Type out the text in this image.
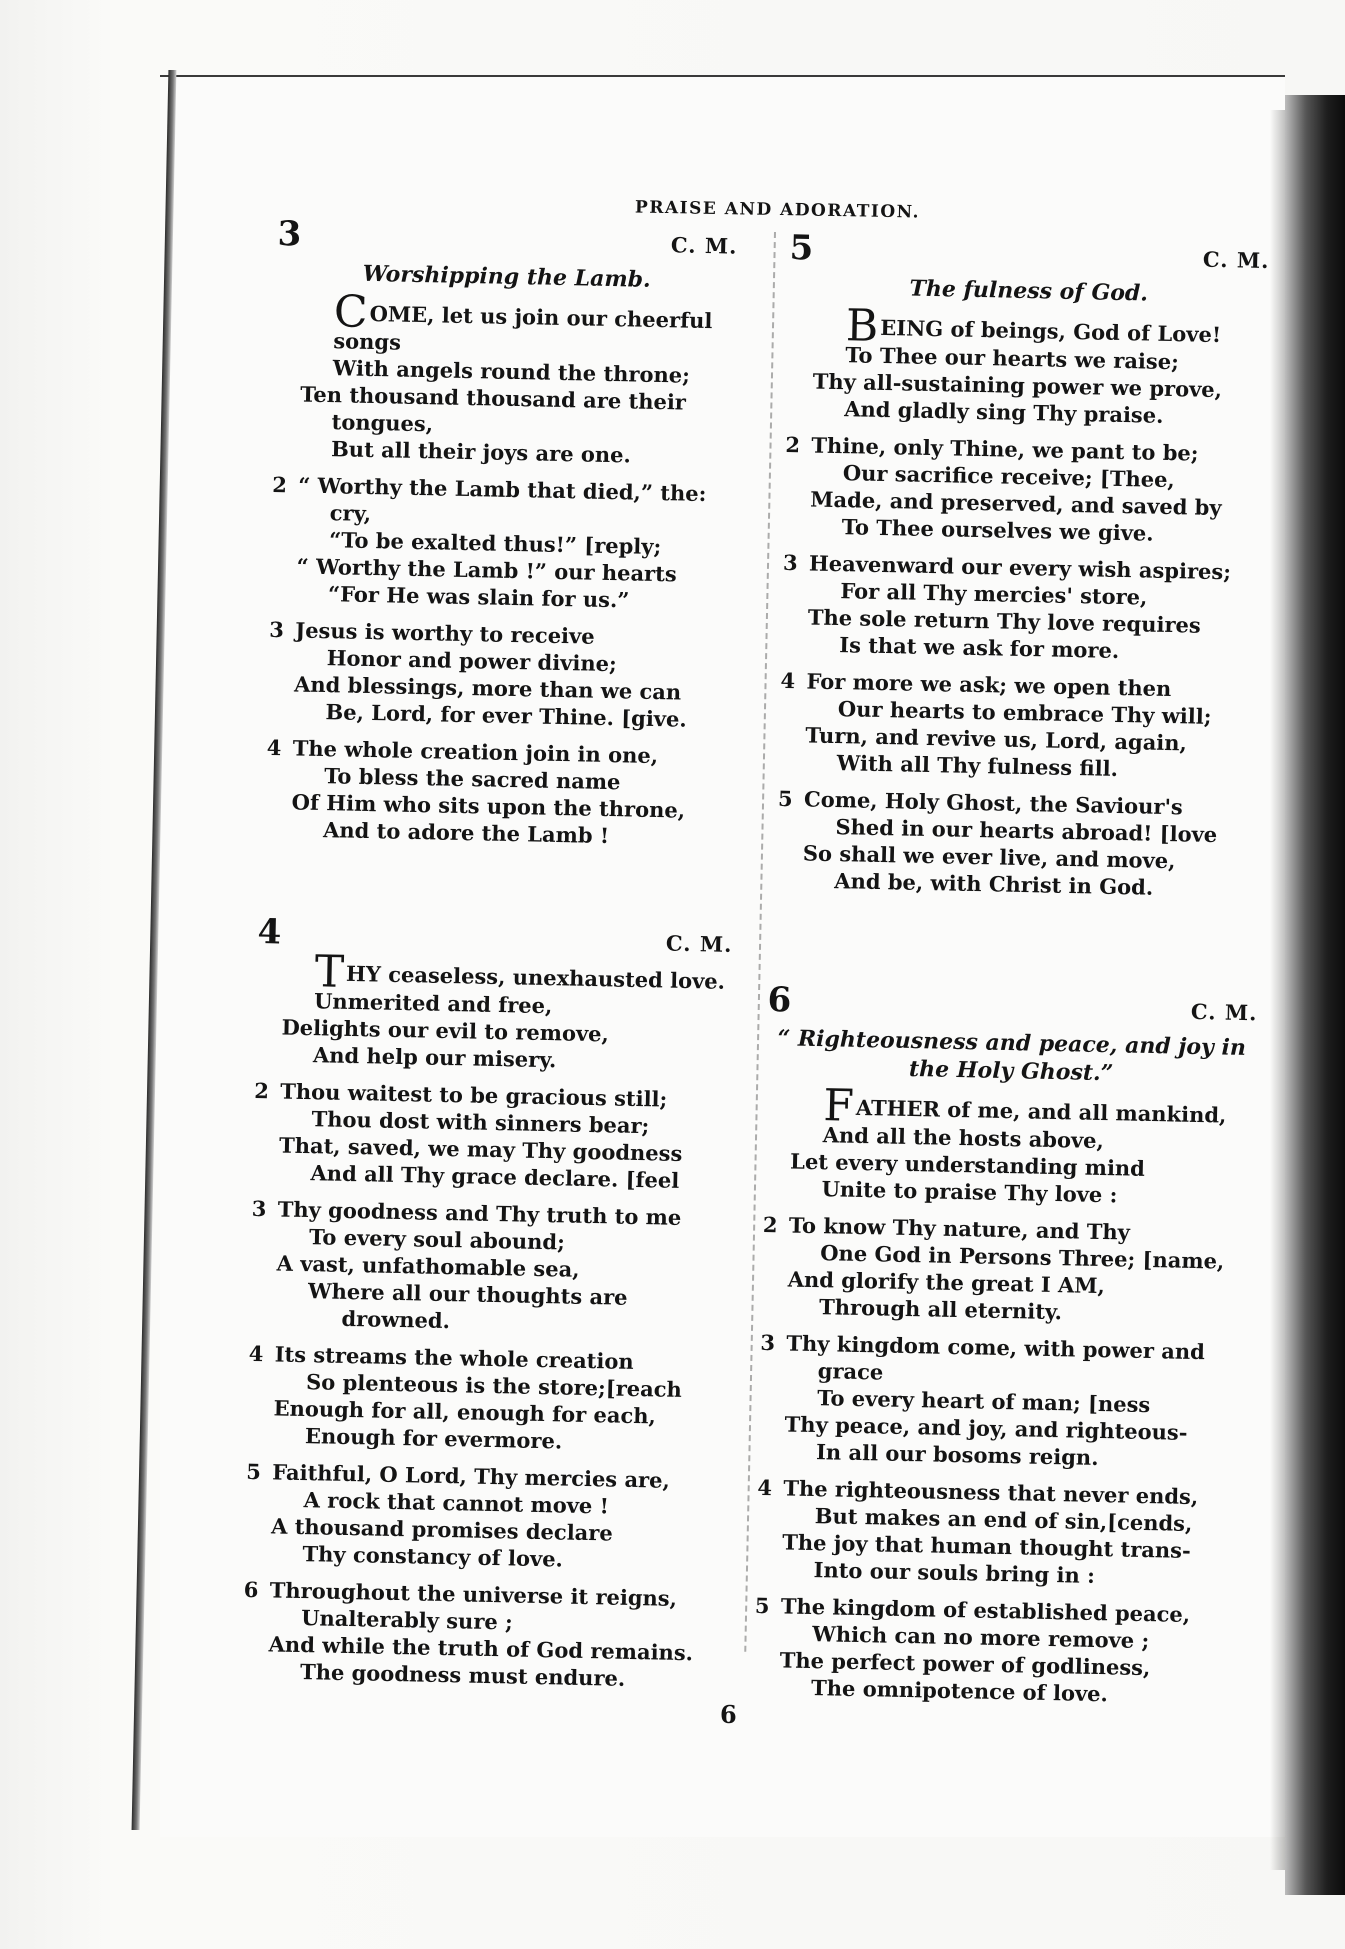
PRAISE AND ADORATION.
3	C. M.
Worshipping the Lamb.
COME, let us join our cheerful
songs
With angels round the throne;
Ten thousand thousand are their
tongues,
But all their joys are one.
2 “ Worthy the Lamb that died,” the:
cry,
“To be exalted thus!” [reply;
“ Worthy the Lamb !” our hearts
“For He was slain for us.”
3 Jesus is worthy to receive
Honor and power divine;
And blessings, more than we can
Be, Lord, for ever Thine. [give.
4 The whole creation join in one,
To bless the sacred name
Of Him who sits upon the throne,
And to adore the Lamb !
4	C. M.
THY ceaseless, unexhausted love.
Unmerited and free,
Delights our evil to remove,
And help our misery.
2 Thou waitest to be gracious still;
Thou dost with sinners bear;
That, saved, we may Thy goodness
And all Thy grace declare. [feel
3 Thy goodness and Thy truth to me
To every soul abound;
A vast, unfathomable sea,
Where all our thoughts are
drowned.
4 Its streams the whole creation
So plenteous is the store;[reach
Enough for all, enough for each,
Enough for evermore.
5 Faithful, O Lord, Thy mercies are,
A rock that cannot move !
A thousand promises declare
Thy constancy of love.
6 Throughout the universe it reigns,
Unalterably sure ;
And while the truth of God remains.
The goodness must endure.
5	C. M.
The fulness of God.
BEING of beings, God of Love!
To Thee our hearts we raise;
Thy all-sustaining power we prove,
And gladly sing Thy praise.
2 Thine, only Thine, we pant to be;
Our sacrifice receive; [Thee,
Made, and preserved, and saved by
To Thee ourselves we give.
3 Heavenward our every wish aspires;
For all Thy mercies' store,
The sole return Thy love requires
Is that we ask for more.
4 For more we ask; we open then
Our hearts to embrace Thy will;
Turn, and revive us, Lord, again,
With all Thy fulness fill.
5 Come, Holy Ghost, the Saviour's
Shed in our hearts abroad! [love
So shall we ever live, and move,
And be, with Christ in God.
6	C. M.
“ Righteousness and peace, and joy in the Holy Ghost.”
FATHER of me, and all mankind,
And all the hosts above,
Let every understanding mind
Unite to praise Thy love :
2 To know Thy nature, and Thy
One God in Persons Three; [name,
And glorify the great I AM,
Through all eternity.
3 Thy kingdom come, with power and
grace
To every heart of man; [ness
Thy peace, and joy, and righteous-
In all our bosoms reign.
4 The righteousness that never ends,
But makes an end of sin,[cends,
The joy that human thought trans-
Into our souls bring in :
5 The kingdom of established peace,
Which can no more remove ;
The perfect power of godliness,
The omnipotence of love.
6
